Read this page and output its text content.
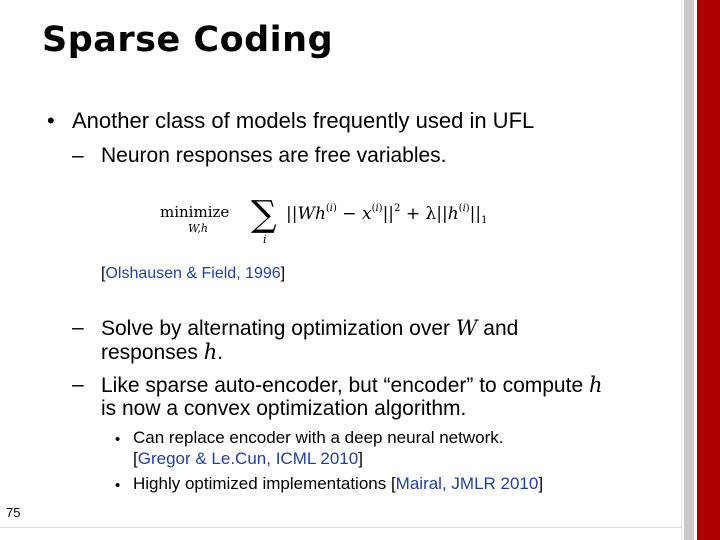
Sparse Coding
• Another class of models frequently used in UFL
– Neuron responses are free variables.
minimize
W,h ∑
i
$||Wh^{(i)} - x^{(i)}||^2 + \lambda||h^{(i)}||_1$
[Olshausen & Field, 1996]
– Solve by alternating optimization over W and
responses h.
– Like sparse auto-encoder, but “encoder” to compute h
is now a convex optimization algorithm.
• Can replace encoder with a deep neural network.
[Gregor & Le.Cun, ICML 2010]
• Highly optimized implementations [Mairal, JMLR 2010]
75
